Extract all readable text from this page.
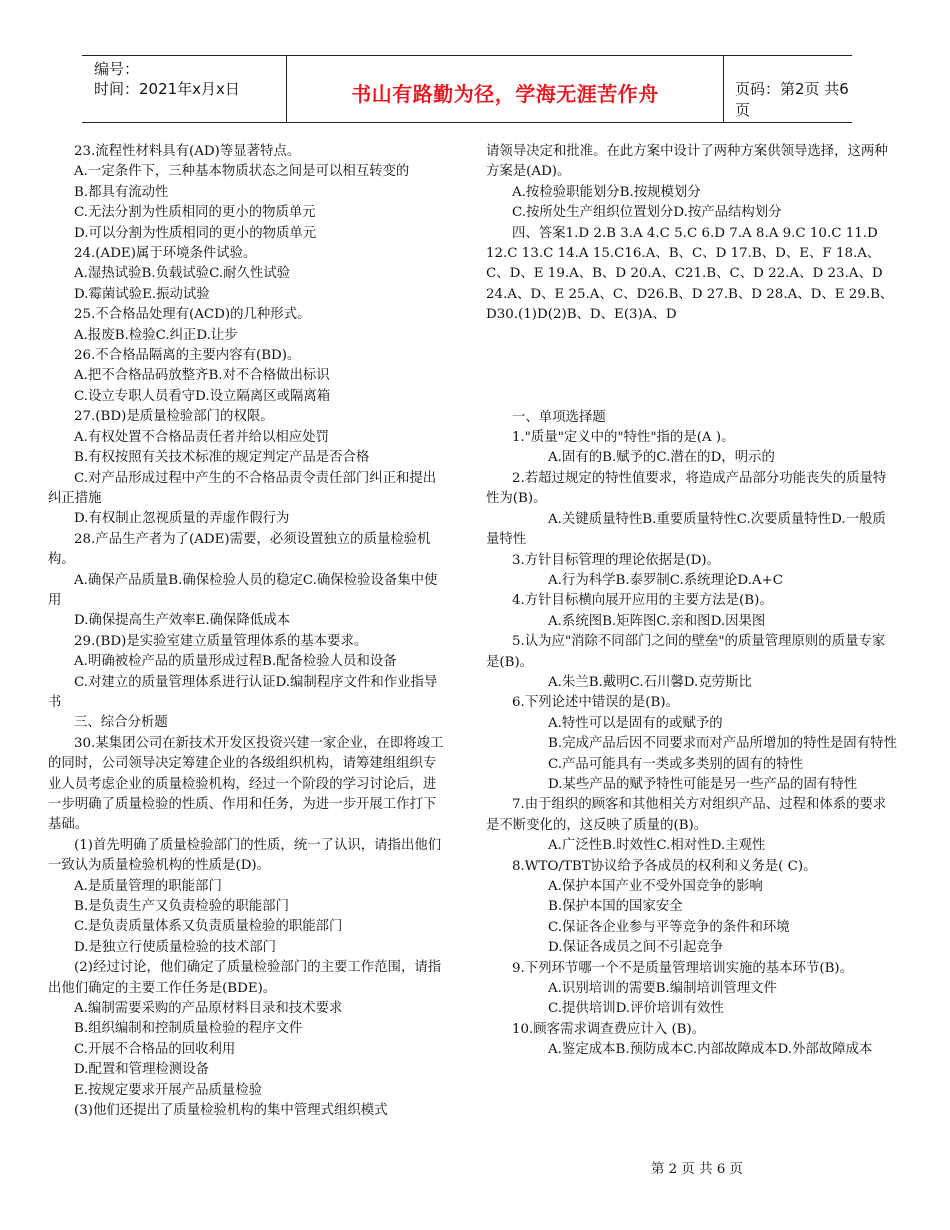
编号：
时间：2021年x月x日	书山有路勤为径，学海无涯苦作舟	页码：第2页 共6页

23.流程性材料具有(AD)等显著特点。

A.一定条件下，三种基本物质状态之间是可以相互转变的

B.都具有流动性

C.无法分割为性质相同的更小的物质单元

D.可以分割为性质相同的更小的物质单元

24.(ADE)属于环境条件试验。

A.湿热试验B.负载试验C.耐久性试验

D.霉菌试验E.振动试验

25.不合格品处理有(ACD)的几种形式。

A.报废B.检验C.纠正D.让步

26.不合格品隔离的主要内容有(BD)。

A.把不合格品码放整齐B.对不合格做出标识

C.设立专职人员看守D.设立隔离区或隔离箱

27.(BD)是质量检验部门的权限。

A.有权处置不合格品责任者并给以相应处罚

B.有权按照有关技术标准的规定判定产品是否合格

C.对产品形成过程中产生的不合格品责令责任部门纠正和提出纠正措施

D.有权制止忽视质量的弄虚作假行为

28.产品生产者为了(ADE)需要，必须设置独立的质量检验机构。

A.确保产品质量B.确保检验人员的稳定C.确保检验设备集中使用

D.确保提高生产效率E.确保降低成本

29.(BD)是实验室建立质量管理体系的基本要求。

A.明确被检产品的质量形成过程B.配备检验人员和设备

C.对建立的质量管理体系进行认证D.编制程序文件和作业指导书

三、综合分析题

30.某集团公司在新技术开发区投资兴建一家企业，在即将竣工的同时，公司领导决定筹建企业的各级组织机构，请筹建组组织专业人员考虑企业的质量检验机构，经过一个阶段的学习讨论后，进一步明确了质量检验的性质、作用和任务，为进一步开展工作打下基础。

(1)首先明确了质量检验部门的性质，统一了认识，请指出他们一致认为质量检验机构的性质是(D)。

A.是质量管理的职能部门

B.是负责生产又负责检验的职能部门

C.是负责质量体系又负责质量检验的职能部门

D.是独立行使质量检验的技术部门

(2)经过讨论，他们确定了质量检验部门的主要工作范围，请指出他们确定的主要工作任务是(BDE)。

A.编制需要采购的产品原材料目录和技术要求

B.组织编制和控制质量检验的程序文件

C.开展不合格品的回收利用

D.配置和管理检测设备

E.按规定要求开展产品质量检验

(3)他们还提出了质量检验机构的集中管理式组织模式

请领导决定和批准。在此方案中设计了两种方案供领导选择，这两种方案是(AD)。

A.按检验职能划分B.按规模划分

C.按所处生产组织位置划分D.按产品结构划分

四、答案1.D 2.B 3.A 4.C 5.C 6.D 7.A 8.A 9.C 10.C 11.D 12.C 13.C 14.A 15.C16.A、B、C、D 17.B、D、E、F 18.A、C、D、E 19.A、B、D 20.A、C21.B、C、D 22.A、D 23.A、D 24.A、D、E 25.A、C、D26.B、D 27.B、D 28.A、D、E 29.B、D30.(1)D(2)B、D、E(3)A、D

一、单项选择题

1."质量"定义中的"特性"指的是(A )。

A.固有的B.赋予的C.潜在的D，明示的

2.若超过规定的特性值要求，将造成产品部分功能丧失的质量特性为(B)。

A.关键质量特性B.重要质量特性C.次要质量特性D.一般质量特性

3.方针目标管理的理论依据是(D)。

A.行为科学B.泰罗制C.系统理论D.A+C

4.方针目标横向展开应用的主要方法是(B)。

A.系统图B.矩阵图C.亲和图D.因果图

5.认为应"消除不同部门之间的壁垒"的质量管理原则的质量专家是(B)。

A.朱兰B.戴明C.石川馨D.克劳斯比

6.下列论述中错误的是(B)。

A.特性可以是固有的或赋予的

B.完成产品后因不同要求而对产品所增加的特性是固有特性

C.产品可能具有一类或多类别的固有的特性

D.某些产品的赋予特性可能是另一些产品的固有特性

7.由于组织的顾客和其他相关方对组织产品、过程和体系的要求是不断变化的，这反映了质量的(B)。

A.广泛性B.时效性C.相对性D.主观性

8.WTO/TBT协议给予各成员的权利和义务是( C)。

A.保护本国产业不受外国竞争的影响

B.保护本国的国家安全

C.保证各企业参与平等竞争的条件和环境

D.保证各成员之间不引起竞争

9.下列环节哪一个不是质量管理培训实施的基本环节(B)。

A.识别培训的需要B.编制培训管理文件

C.提供培训D.评价培训有效性

10.顾客需求调查费应计入 (B)。

A.鉴定成本B.预防成本C.内部故障成本D.外部故障成本

第 2 页 共 6 页
